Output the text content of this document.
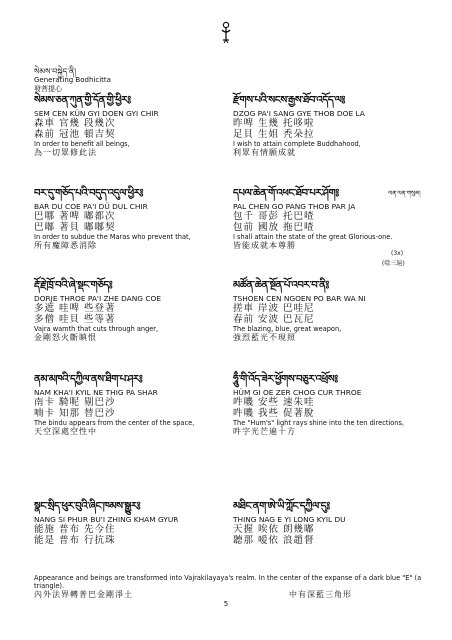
སེམས་བསྐྱེད་ནི།
Generating Bodhicitta
發菩提心
སེམས་ཅན་ཀུན་གྱི་དོན་གྱི་ཕྱིར༔
SEM CEN KÜN GYI DOEN GYI CHIR
森車 官幾 段幾次
森前 冠池 頓吉契
In order to benefit all beings,
為一切眾修此法
བར་དུ་གཅོད་པའི་བདུད་འདུལ་ཕྱིར༔
BAR DU COE PA'I DÜ DUL CHIR
巴哪 著啤 嘟都次
巴嘟 著貝 嘟嘟契
In order to subdue the Maras who prevent that,
所有魔障悉消除
རྡོ་རྗེ་ཁྲོ་བའི་ཞེ་སྡང་གཅོད༔
DORJE THROE PA'I ZHE DANG COE
多遮 哇啤 些登著
多僧 哇貝 些等著
Vajra wamth that cuts through anger,
金剛怒火斷瞋恨
ནམ་མཁའི་དཀྱིལ་ནས་ཐིག་པ་ཤར༔
NAM KHA'I KYIL NE THIG PA SHAR
南卡 騎呢 剔巴沙
喃卡 知那 替巴沙
The bindu appears from the center of the space,
天空深處空性中
སྣང་སྲིད་ཕུར་བུའི་ཞིང་ཁམས་སྒྱུར༔
NANG SI PHUR BU'I ZHING KHAM GYUR
能施 普布 先今住
能是 普布 行抗珠
རྫོགས་པའི་སངས་རྒྱས་ཐོབ་འདོད་ལ༔
DZOG PA'I SANG GYE THOB DOE LA
昨啤 生幾 托哆啦
足貝 生姐 秃朵拉
I wish to attain complete Buddhahood,
利眾有情願成就
དཔལ་ཆེན་གོ་འཕང་ཐོབ་པར་ཤོག༔
PAL CHEN GO PANG THOB PAR JA
包千 哥彭 托巴喳
包前 國放 拖巴喳
I shall attain the state of the great Glorious-one.
皆能成就本尊勝
མཚོན་ཆེན་སྔོན་པོ་འབར་བ་ནི༔
TSHOEN CEN NGOEN PO BAR WA NI
搓車 岸波 巴哇尼
春前 安波 巴瓦尼
The blazing, blue, great weapon,
強烈藍光不現照
ཧཱུྃ་གི་འོད་ཟེར་ཕྱོགས་བཅུར་འཕྲོས༔
HÜM GI OE ZER CHOG CUR THROE
吽嘰 安些 速朱哇
吽嘰 我些 促著脫
The "Hum's" light rays shine into the ten directions,
吽字光芒遍十方
མཐིང་ནག་ཨེ་ཡི་ཀློང་དཀྱིལ་དུ༔
THING NAG E YI LONG KYIL DU
天握 唉依 朗幾嘟
聽那 嗳依 浪趙督
ལན་ལན་གསུམ།
(3x)
(唸三遍)
Appearance and beings are transformed into Vajrakilayaya's realm. In the center of the expanse of a dark blue "E" (a triangle).
內外法界轉普巴金剛淨土	中有深藍三角形
5
